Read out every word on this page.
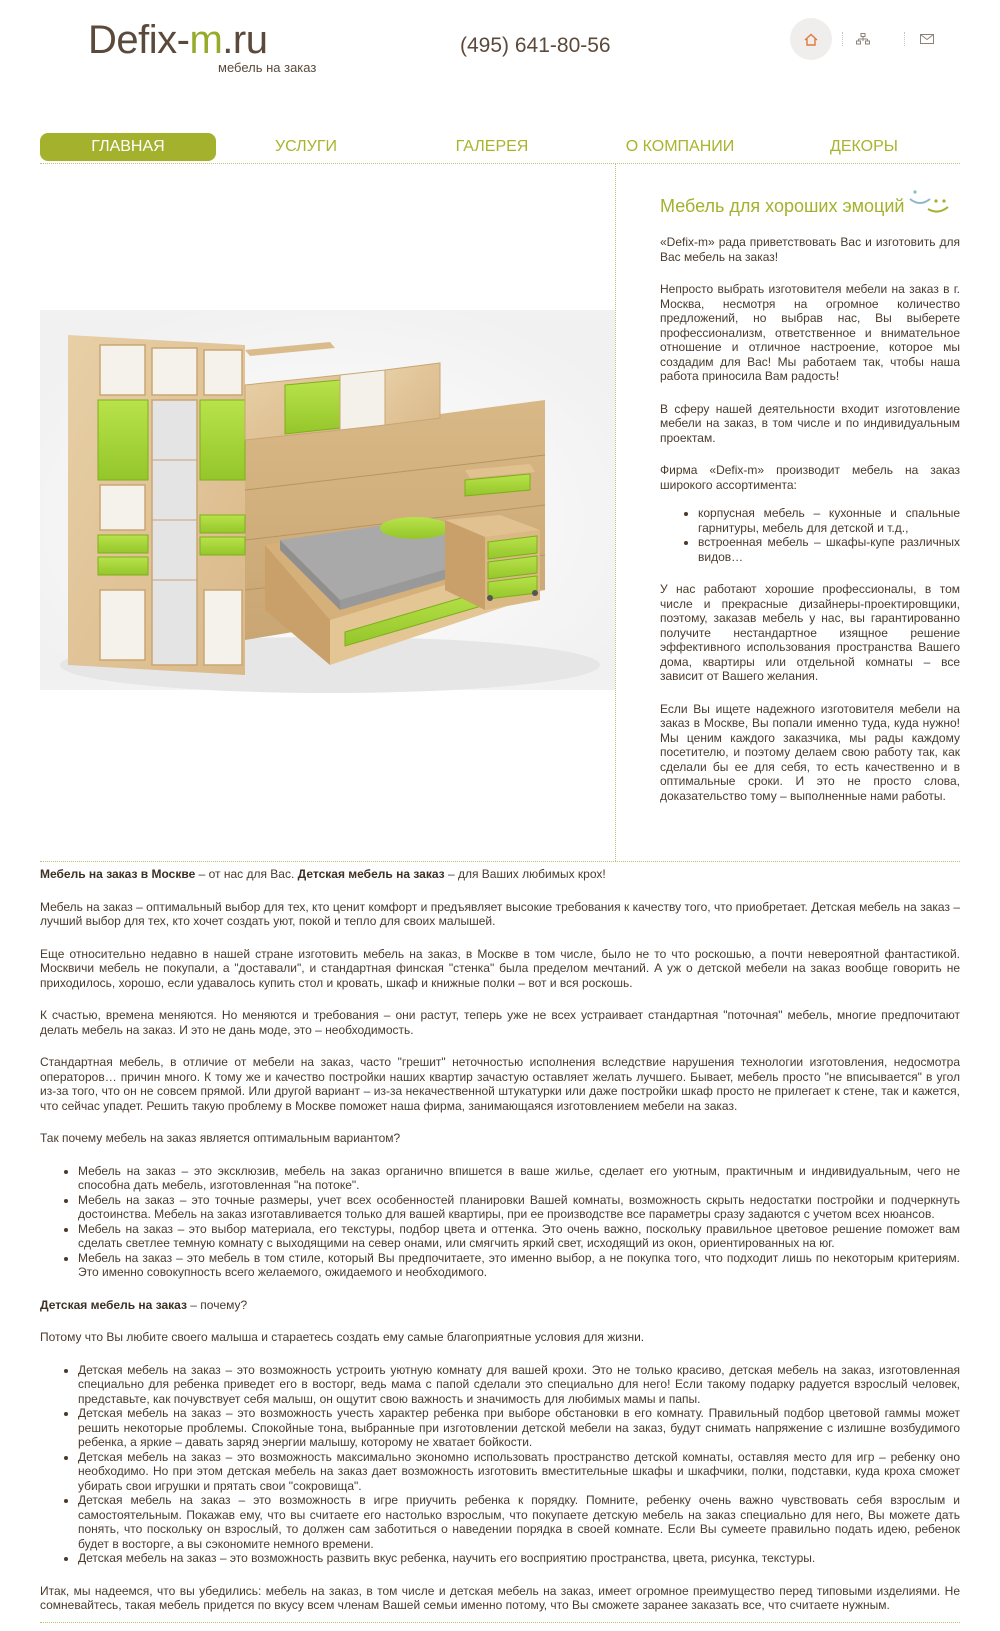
Defix-m.ru
мебель на заказ
(495) 641-80-56
ГЛАВНАЯ	УСЛУГИ	ГАЛЕРЕЯ	О КОМПАНИИ	ДЕКОРЫ
Мебель для хороших эмоций

«Defix-m» рада приветствовать Вас и изготовить для Вас мебель на заказ!

Непросто выбрать изготовителя мебели на заказ в г. Москва, несмотря на огромное количество предложений, но выбрав нас, Вы выберете профессионализм, ответственное и внимательное отношение и отличное настроение, которое мы создадим для Вас! Мы работаем так, чтобы наша работа приносила Вам радость!

В сферу нашей деятельности входит изготовление мебели на заказ, в том числе и по индивидуальным проектам.

Фирма «Defix-m» производит мебель на заказ широкого ассортимента:

• корпусная мебель – кухонные и спальные гарнитуры, мебель для детской и т.д.,
• встроенная мебель – шкафы-купе различных видов…

У нас работают хорошие профессионалы, в том числе и прекрасные дизайнеры-проектировщики, поэтому, заказав мебель у нас, вы гарантированно получите нестандартное изящное решение эффективного использования пространства Вашего дома, квартиры или отдельной комнаты – все зависит от Вашего желания.

Если Вы ищете надежного изготовителя мебели на заказ в Москве, Вы попали именно туда, куда нужно! Мы ценим каждого заказчика, мы рады каждому посетителю, и поэтому делаем свою работу так, как сделали бы ее для себя, то есть качественно и в оптимальные сроки. И это не просто слова, доказательство тому – выполненные нами работы.

Мебель на заказ в Москве – от нас для Вас. Детская мебель на заказ – для Ваших любимых крох!

Мебель на заказ – оптимальный выбор для тех, кто ценит комфорт и предъявляет высокие требования к качеству того, что приобретает. Детская мебель на заказ – лучший выбор для тех, кто хочет создать уют, покой и тепло для своих малышей.

Еще относительно недавно в нашей стране изготовить мебель на заказ, в Москве в том числе, было не то что роскошью, а почти невероятной фантастикой. Москвичи мебель не покупали, а "доставали", и стандартная финская "стенка" была пределом мечтаний. А уж о детской мебели на заказ вообще говорить не приходилось, хорошо, если удавалось купить стол и кровать, шкаф и книжные полки – вот и вся роскошь.

К счастью, времена меняются. Но меняются и требования – они растут, теперь уже не всех устраивает стандартная "поточная" мебель, многие предпочитают делать мебель на заказ. И это не дань моде, это – необходимость.

Стандартная мебель, в отличие от мебели на заказ, часто "грешит" неточностью исполнения вследствие нарушения технологии изготовления, недосмотра операторов… причин много. К тому же и качество постройки наших квартир зачастую оставляет желать лучшего. Бывает, мебель просто "не вписывается" в угол из-за того, что он не совсем прямой. Или другой вариант – из-за некачественной штукатурки или даже постройки шкаф просто не прилегает к стене, так и кажется, что сейчас упадет. Решить такую проблему в Москве поможет наша фирма, занимающаяся изготовлением мебели на заказ.

Так почему мебель на заказ является оптимальным вариантом?

• Мебель на заказ – это эксклюзив, мебель на заказ органично впишется в ваше жилье, сделает его уютным, практичным и индивидуальным, чего не способна дать мебель, изготовленная "на потоке".
• Мебель на заказ – это точные размеры, учет всех особенностей планировки Вашей комнаты, возможность скрыть недостатки постройки и подчеркнуть достоинства. Мебель на заказ изготавливается только для вашей квартиры, при ее производстве все параметры сразу задаются с учетом всех нюансов.
• Мебель на заказ – это выбор материала, его текстуры, подбор цвета и оттенка. Это очень важно, поскольку правильное цветовое решение поможет вам сделать светлее темную комнату с выходящими на север онами, или смягчить яркий свет, исходящий из окон, ориентированных на юг.
• Мебель на заказ – это мебель в том стиле, который Вы предпочитаете, это именно выбор, а не покупка того, что подходит лишь по некоторым критериям. Это именно совокупность всего желаемого, ожидаемого и необходимого.

Детская мебель на заказ – почему?

Потому что Вы любите своего малыша и стараетесь создать ему самые благоприятные условия для жизни.

• Детская мебель на заказ – это возможность устроить уютную комнату для вашей крохи. Это не только красиво, детская мебель на заказ, изготовленная специально для ребенка приведет его в восторг, ведь мама с папой сделали это специально для него! Если такому подарку радуется взрослый человек, представьте, как почувствует себя малыш, он ощутит свою важность и значимость для любимых мамы и папы.
• Детская мебель на заказ – это возможность учесть характер ребенка при выборе обстановки в его комнату. Правильный подбор цветовой гаммы может решить некоторые проблемы. Спокойные тона, выбранные при изготовлении детской мебели на заказ, будут снимать напряжение с излишне возбудимого ребенка, а яркие – давать заряд энергии малышу, которому не хватает бойкости.
• Детская мебель на заказ – это возможность максимально экономно использовать пространство детской комнаты, оставляя место для игр – ребенку оно необходимо. Но при этом детская мебель на заказ дает возможность изготовить вместительные шкафы и шкафчики, полки, подставки, куда кроха сможет убирать свои игрушки и прятать свои "сокровища".
• Детская мебель на заказ – это возможность в игре приучить ребенка к порядку. Помните, ребенку очень важно чувствовать себя взрослым и самостоятельным. Покажав ему, что вы считаете его настолько взрослым, что покупаете детскую мебель на заказ специально для него, Вы можете дать понять, что поскольку он взрослый, то должен сам заботиться о наведении порядка в своей комнате. Если Вы сумеете правильно подать идею, ребенок будет в восторге, а вы сэкономите немного времени.
• Детская мебель на заказ – это возможность развить вкус ребенка, научить его восприятию пространства, цвета, рисунка, текстуры.

Итак, мы надеемся, что вы убедились: мебель на заказ, в том числе и детская мебель на заказ, имеет огромное преимущество перед типовыми изделиями. Не сомневайтесь, такая мебель придется по вкусу всем членам Вашей семьи именно потому, что Вы сможете заранее заказать все, что считаете нужным.
